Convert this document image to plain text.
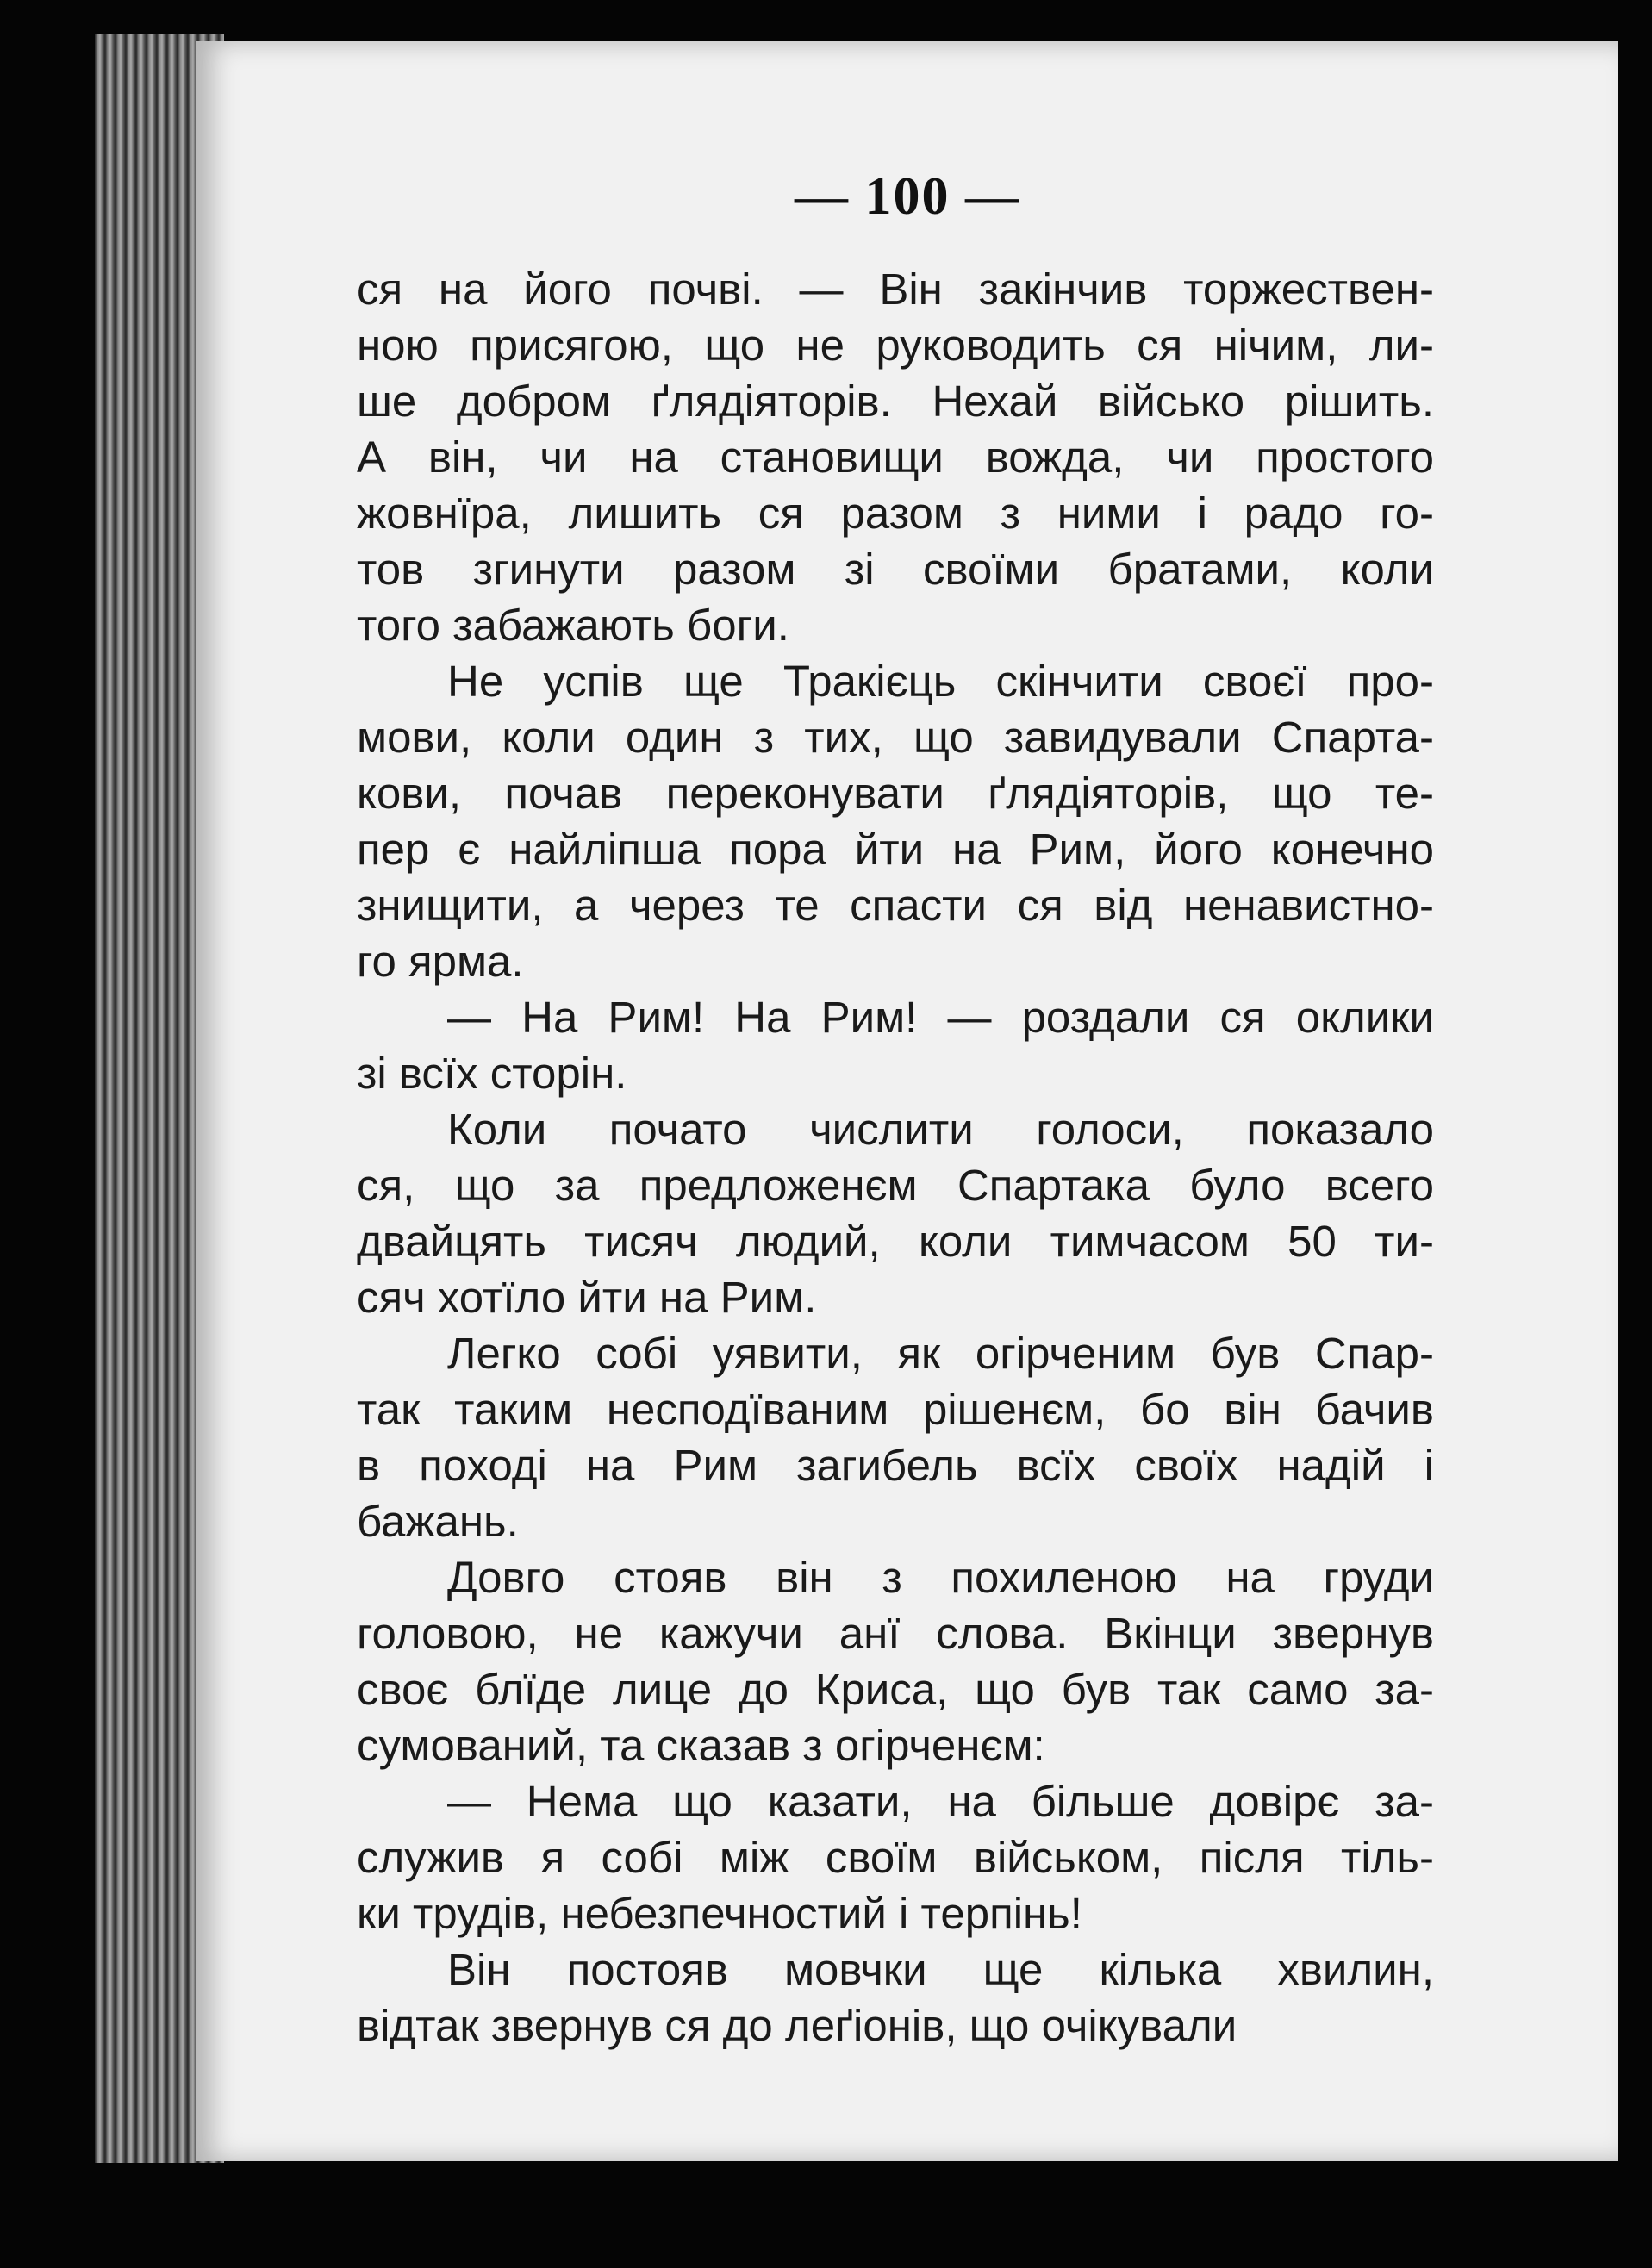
— 100 —
ся на його почві. — Він закінчив торжествен-
ною присягою, що не руководить ся нічим, ли-
ше добром ґлядіяторів. Нехай військо рішить.
А він, чи на становищи вожда, чи простого
жовнїра, лишить ся разом з ними і радо го-
тов згинути разом зі своїми братами, коли
того забажають боги.
Не успів ще Тракієць скінчити своєї про-
мови, коли один з тих, що завидували Спарта-
кови, почав переконувати ґлядіяторів, що те-
пер є найліпша пора йти на Рим, його конечно
знищити, а через те спасти ся від ненавистно-
го ярма.
— На Рим! На Рим! — роздали ся оклики
зі всїх сторін.
Коли почато числити голоси, показало
ся, що за предложенєм Спартака було всего
двайцять тисяч людий, коли тимчасом 50 ти-
сяч хотїло йти на Рим.
Легко собі уявити, як огірченим був Спар-
так таким несподїваним рішенєм, бо він бачив
в поході на Рим загибель всїх своїх надій і
бажань.
Довго стояв він з похиленою на груди
головою, не кажучи анї слова. Вкінци звернув
своє блїде лице до Криса, що був так само за-
сумований, та сказав з огірченєм:
— Нема що казати, на більше довірє за-
служив я собі між своїм військом, після тіль-
ки трудів, небезпечностий і терпінь!
Він постояв мовчки ще кілька хвилин,
відтак звернув ся до леґіонів, що очікували
